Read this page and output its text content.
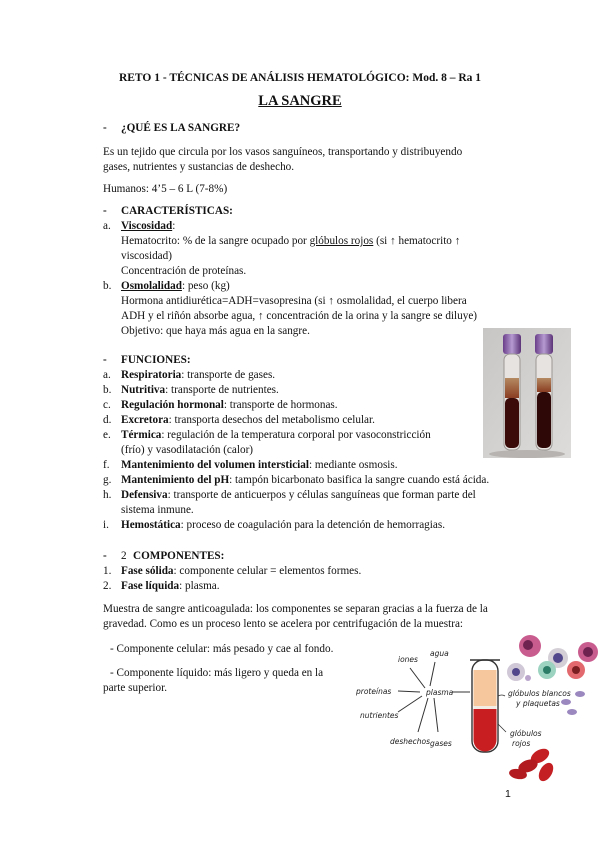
RETO 1 - TÉCNICAS DE ANÁLISIS HEMATOLÓGICO: Mod. 8 – Ra 1
LA SANGRE
- ¿QUÉ ES LA SANGRE?
Es un tejido que circula por los vasos sanguíneos, transportando y distribuyendo
gases, nutrientes y sustancias de deshecho.
Humanos: 4’5 – 6 L (7-8%)
- CARACTERÍSTICAS:
a. Viscosidad:
Hematocrito: % de la sangre ocupado por glóbulos rojos (si ↑ hematocrito ↑
viscosidad)
Concentración de proteínas.
b. Osmolalidad: peso (kg)
Hormona antidiurética=ADH=vasopresina (si ↑ osmolalidad, el cuerpo libera
ADH y el riñón absorbe agua, ↑ concentración de la orina y la sangre se diluye)
Objetivo: que haya más agua en la sangre.
- FUNCIONES:
a. Respiratoria: transporte de gases.
b. Nutritiva: transporte de nutrientes.
c. Regulación hormonal: transporte de hormonas.
d. Excretora: transporta desechos del metabolismo celular.
e. Térmica: regulación de la temperatura corporal por vasoconstricción
(frío) y vasodilatación (calor)
f. Mantenimiento del volumen intersticial: mediante osmosis.
g. Mantenimiento del pH: tampón bicarbonato basifica la sangre cuando está ácida.
h. Defensiva: transporte de anticuerpos y células sanguíneas que forman parte del
sistema inmune.
i. Hemostática: proceso de coagulación para la detención de hemorragias.
- 2 COMPONENTES:
1. Fase sólida: componente celular = elementos formes.
2. Fase líquida: plasma.
Muestra de sangre anticoagulada: los componentes se separan gracias a la fuerza de la
gravedad. Como es un proceso lento se acelera por centrifugación de la muestra:
- Componente celular: más pesado y cae al fondo.
- Componente líquido: más ligero y queda en la
parte superior.
iones
agua
proteínas	plasma
nutrientes
deshechos gases
glóbulos blancos
y plaquetas
glóbulos
rojos
1
